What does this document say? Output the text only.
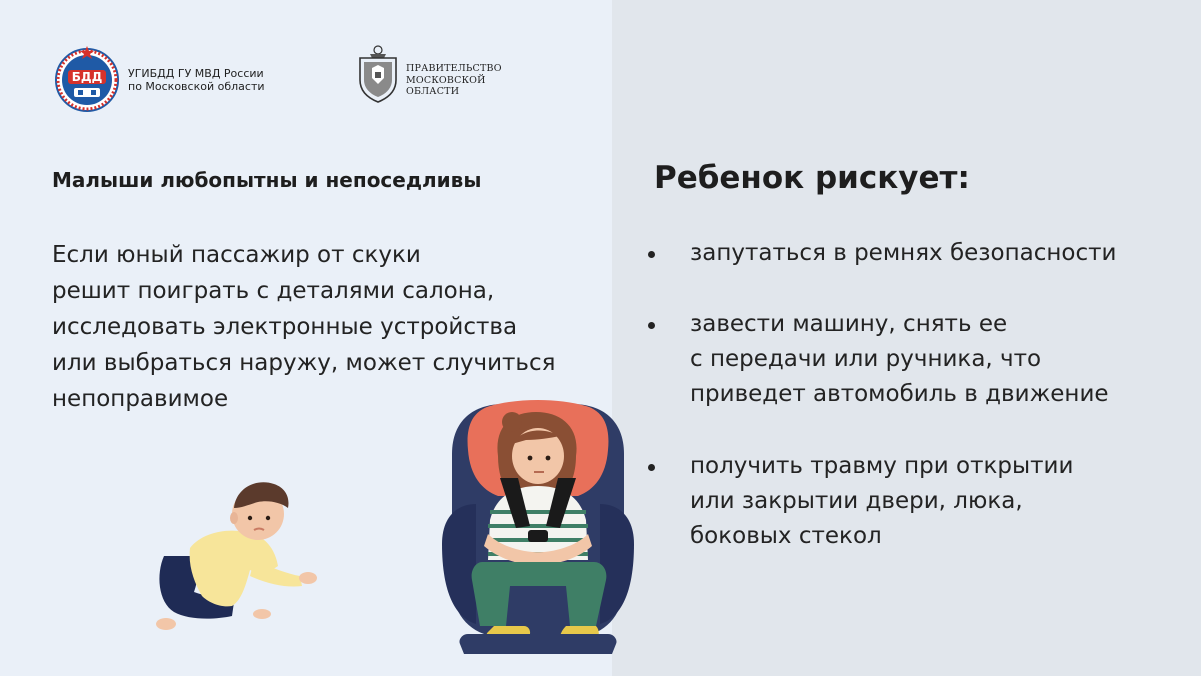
БДД УГИБДД ГУ МВД России
по Московской области
ПРАВИТЕЛЬСТВО
МОСКОВСКОЙ
ОБЛАСТИ
Малыши любопытны и непоседливы
Если юный пассажир от скуки
решит поиграть с деталями салона,
исследовать электронные устройства
или выбраться наружу, может случиться
непоправимое
Ребенок рискует:
запутаться в ремнях безопасности
завести машину, снять ее
с передачи или ручника, что
приведет автомобиль в движение
получить травму при открытии
или закрытии двери, люка,
боковых стекол
